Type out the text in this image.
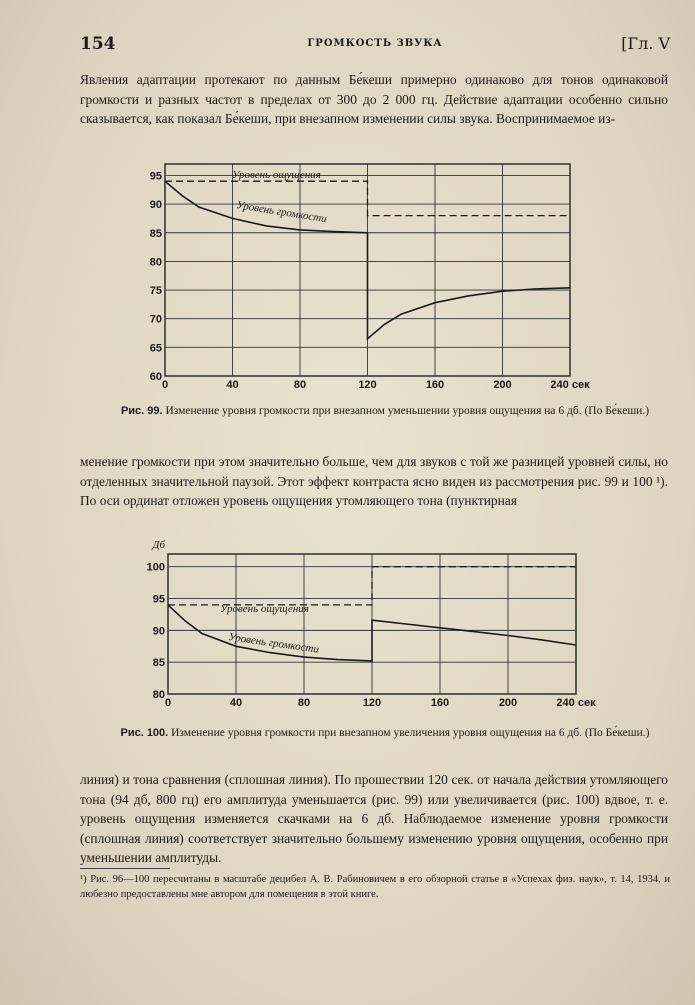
154	ГРОМКОСТЬ ЗВУКА	[Гл. V
Явления адаптации протекают по данным Бе́кеши примерно одинаково для тонов одинаковой громкости и разных частот в пределах от 300 до 2 000 гц. Действие адаптации особенно сильно сказывается, как показал Бе́кеши, при внезапном изменении силы звука. Воспринимаемое из-
0	40	80	120	160	200	240 сек
60
65
70
75
80
85
90
95	Уровень ощущения
Уровень громкости
Рис. 99. Изменение уровня громкости при внезапном уменьшении уровня ощущения на 6 дб. (По Бе́кеши.)
менение громкости при этом значительно больше, чем для звуков с той же разницей уровней силы, но отделенных значительной паузой. Этот эффект контраста ясно виден из рассмотрения рис. 99 и 100 ¹). По оси ординат отложен уровень ощущения утомляющего тона (пунктирная
0	40	80	120	160	200	240 сек
80
85
90
95
100
Дб
Уровень ощущения
Уровень громкости
Рис. 100. Изменение уровня громкости при внезапном увеличения уровня ощущения на 6 дб. (По Бе́кеши.)
линия) и тона сравнения (сплошная линия). По прошествии 120 сек. от начала действия утомляющего тона (94 дб, 800 гц) его амплитуда уменьшается (рис. 99) или увеличивается (рис. 100) вдвое, т. е. уровень ощущения изменяется скачками на 6 дб. Наблюдаемое изменение уровня громкости (сплошная линия) соответствует значительно большему изменению уровня ощущения, особенно при уменьшении амплитуды.
¹) Рис. 96—100 пересчитаны в масштабе децибел А. В. Рабиновичем в его обзорной статье в «Успехах физ. наук», т. 14, 1934, и любезно предоставлены мне автором для помещения в этой книге.
